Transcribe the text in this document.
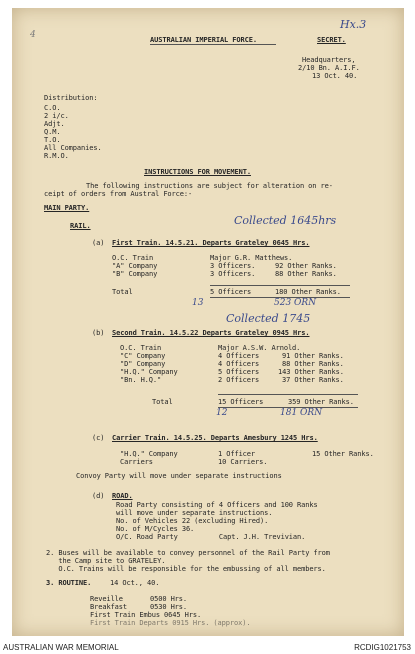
AUSTRALIAN IMPERIAL FORCE.	SECRET.
Hx.3
4
Headquarters,
2/10 Bn. A.I.F.
13 Oct. 40.
Distribution:
C.O.
2 i/c.
Adjt.
Q.M.
T.O.
All Companies.
R.M.O.
INSTRUCTIONS FOR MOVEMENT.
The following instructions are subject for alteration on re-
ceipt of orders from Austral Force:-
MAIN PARTY.
RAIL.	Collected 1645hrs
(a) First Train. 14.5.21. Departs Grateley 0645 Hrs.
O.C. Train	Major G.R. Matthews.
"A" Company	3 Officers.	92 Other Ranks.
"B" Company	3 Officers.	88 Other Ranks.
Total	5 Officers	180 Other Ranks.
13	523 ORN
Collected 1745
(b) Second Train. 14.5.22 Departs Grateley 0945 Hrs.
O.C. Train	Major A.S.W. Arnold.
"C" Company	4 Officers	91 Other Ranks.
"D" Company	4 Officers	88 Other Ranks.
"H.Q." Company	5 Officers	143 Other Ranks.
"Bn. H.Q."	2 Officers	37 Other Ranks.
Total	15 Officers	359 Other Ranks.
12	181 ORN
(c) Carrier Train. 14.5.25. Departs Amesbury 1245 Hrs.
"H.Q." Company	1 Officer	15 Other Ranks.
Carriers	10 Carriers.
Convoy Party will move under separate instructions
(d) ROAD.
Road Party consisting of 4 Officers and 100 Ranks
will move under separate instructions.
No. of Vehicles 22 (excluding Hired).
No. of M/Cycles 36.
O/C. Road Party          Capt. J.H. Trevivian.
2. Buses will be available to convey personnel of the Rail Party from
the Camp site to GRATELEY.
O.C. Trains will be responsible for the embussing of all members.
3. ROUTINE.	14 Oct., 40.
Reveille	0500 Hrs.
Breakfast	0530 Hrs.
First Train Embus 0645 Hrs.
First Train Departs 0915 Hrs. (approx).
AUSTRALIAN WAR MEMORIAL	RCDIG1021753
